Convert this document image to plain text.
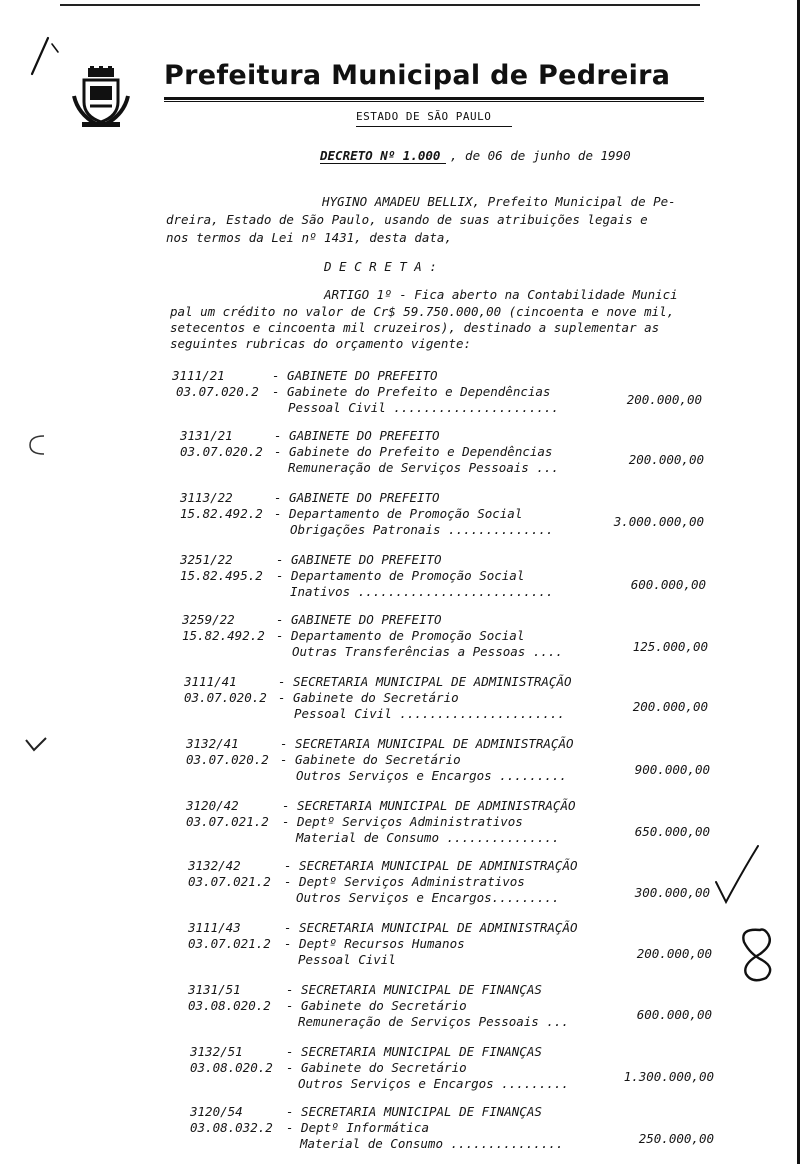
Prefeitura Municipal de Pedreira
ESTADO DE SÃO PAULO
DECRETO Nº 1.000 , de 06 de junho de 1990
HYGINO AMADEU BELLIX, Prefeito Municipal de Pe-
dreira, Estado de São Paulo, usando de suas atribuições legais e
nos termos da Lei nº 1431, desta data,
D E C R E T A :
ARTIGO 1º - Fica aberto na Contabilidade Munici
pal um crédito no valor de Cr$ 59.750.000,00 (cincoenta e nove mil,
setecentos e cincoenta mil cruzeiros), destinado a suplementar as
seguintes rubricas do orçamento vigente:
3111/21	- GABINETE DO PREFEITO
03.07.020.2 - Gabinete do Prefeito e Dependências
Pessoal Civil ......................
200.000,00
3131/21	- GABINETE DO PREFEITO
03.07.020.2 - Gabinete do Prefeito e Dependências
Remuneração de Serviços Pessoais ...
200.000,00
3113/22	- GABINETE DO PREFEITO
15.82.492.2 - Departamento de Promoção Social
Obrigações Patronais ..............
3.000.000,00
3251/22	- GABINETE DO PREFEITO
15.82.495.2 - Departamento de Promoção Social
Inativos ..........................	600.000,00
3259/22	- GABINETE DO PREFEITO
15.82.492.2 - Departamento de Promoção Social
Outras Transferências a Pessoas ....	125.000,00
3111/41	- SECRETARIA MUNICIPAL DE ADMINISTRAÇÃO
03.07.020.2 - Gabinete do Secretário
Pessoal Civil ......................	200.000,00
3132/41	- SECRETARIA MUNICIPAL DE ADMINISTRAÇÃO
03.07.020.2 - Gabinete do Secretário
Outros Serviços e Encargos .........	900.000,00
3120/42	- SECRETARIA MUNICIPAL DE ADMINISTRAÇÃO
03.07.021.2 - Deptº Serviços Administrativos
Material de Consumo ...............	650.000,00
3132/42	- SECRETARIA MUNICIPAL DE ADMINISTRAÇÃO
03.07.021.2 - Deptº Serviços Administrativos
Outros Serviços e Encargos.........	300.000,00
3111/43	- SECRETARIA MUNICIPAL DE ADMINISTRAÇÃO
03.07.021.2 - Deptº Recursos Humanos
Pessoal Civil	200.000,00
3131/51	- SECRETARIA MUNICIPAL DE FINANÇAS
03.08.020.2 - Gabinete do Secretário
Remuneração de Serviços Pessoais ...	600.000,00
3132/51	- SECRETARIA MUNICIPAL DE FINANÇAS
03.08.020.2 - Gabinete do Secretário
Outros Serviços e Encargos .........	1.300.000,00
3120/54	- SECRETARIA MUNICIPAL DE FINANÇAS
03.08.032.2 - Deptº Informática
Material de Consumo ...............	250.000,00
